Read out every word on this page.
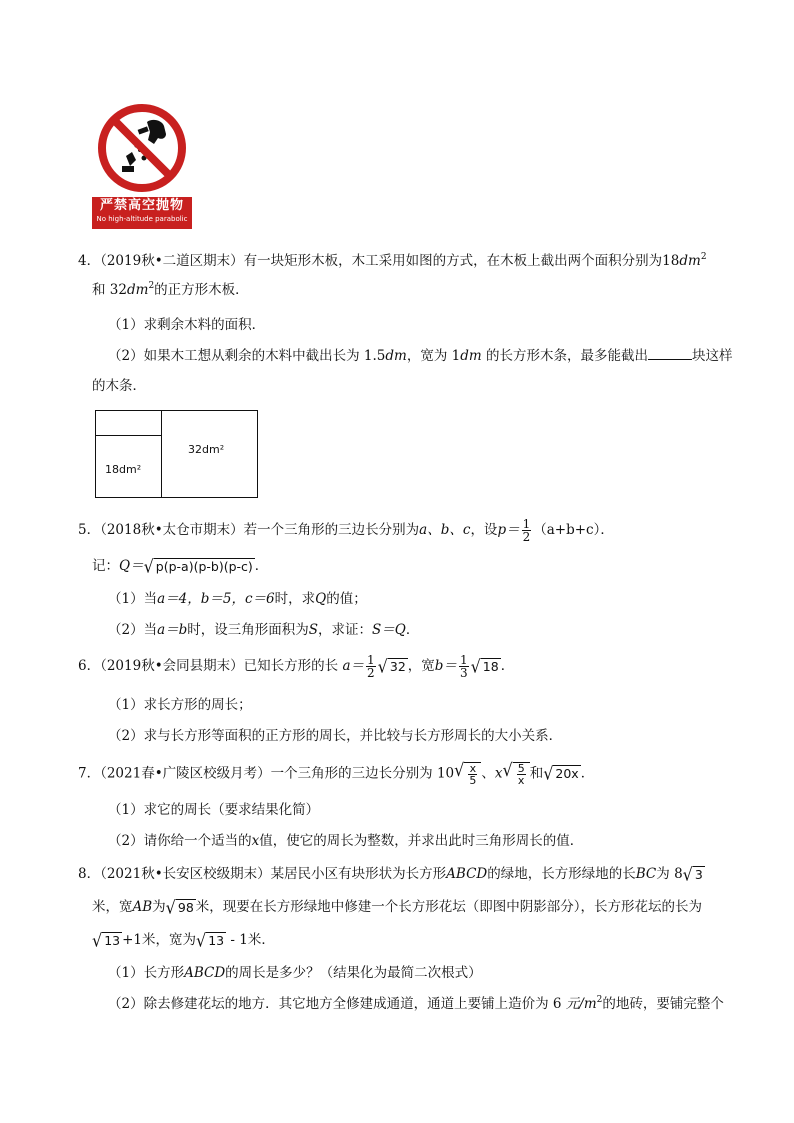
严禁高空抛物
No high-altitude parabolic
4．（2019秋•二道区期末）有一块矩形木板，木工采用如图的方式，在木板上截出两个面积分别为$18dm^2$
和 $32dm^2$的正方形木板．
（1）求剩余木料的面积．
（2）如果木工想从剩余的木料中截出长为 1.5dm，宽为 1dm 的长方形木条，最多能截出	块这样
的木条．
18dm²
32dm²
5．（2018秋•太仓市期末）若一个三角形的三边长分别为a、b、c，设$p= \frac{1}{2} (a+b+c)$．
记：Q＝ √ p(p-a)(p-b)(p-c) ．
（1）当a＝4，b＝5，c＝6时，求Q的值；
（2）当a＝b时，设三角形面积为S，求证：S＝Q．
6．（2019秋•会同县期末）已知长方形的长 $a= \frac{1}{2}$ √ 32 ，宽$b= \frac{1}{3}$ √ 18 ．
（1）求长方形的周长；
（2）求与长方形等面积的正方形的周长，并比较与长方形周长的大小关系．
7．（2021春•广陵区校级月考）一个三角形的三边长分别为 10 √ $\frac{x}{5}$ 、x √ $\frac{5}{x}$ 和 √ 20x ．
（1）求它的周长（要求结果化简）
（2）请你给一个适当的x值，使它的周长为整数，并求出此时三角形周长的值．
8．（2021秋•长安区校级期末）某居民小区有块形状为长方形ABCD的绿地，长方形绿地的长BC为 8 √ 3
米，宽AB为 √ 98 米，现要在长方形绿地中修建一个长方形花坛（即图中阴影部分），长方形花坛的长为
√ 13 +1米，宽为 √ 13 - 1米．
（1）长方形ABCD的周长是多少？（结果化为最简二次根式）
（2）除去修建花坛的地方．其它地方全修建成通道，通道上要铺上造价为 6 元$/m^2$的地砖，要铺完整个
